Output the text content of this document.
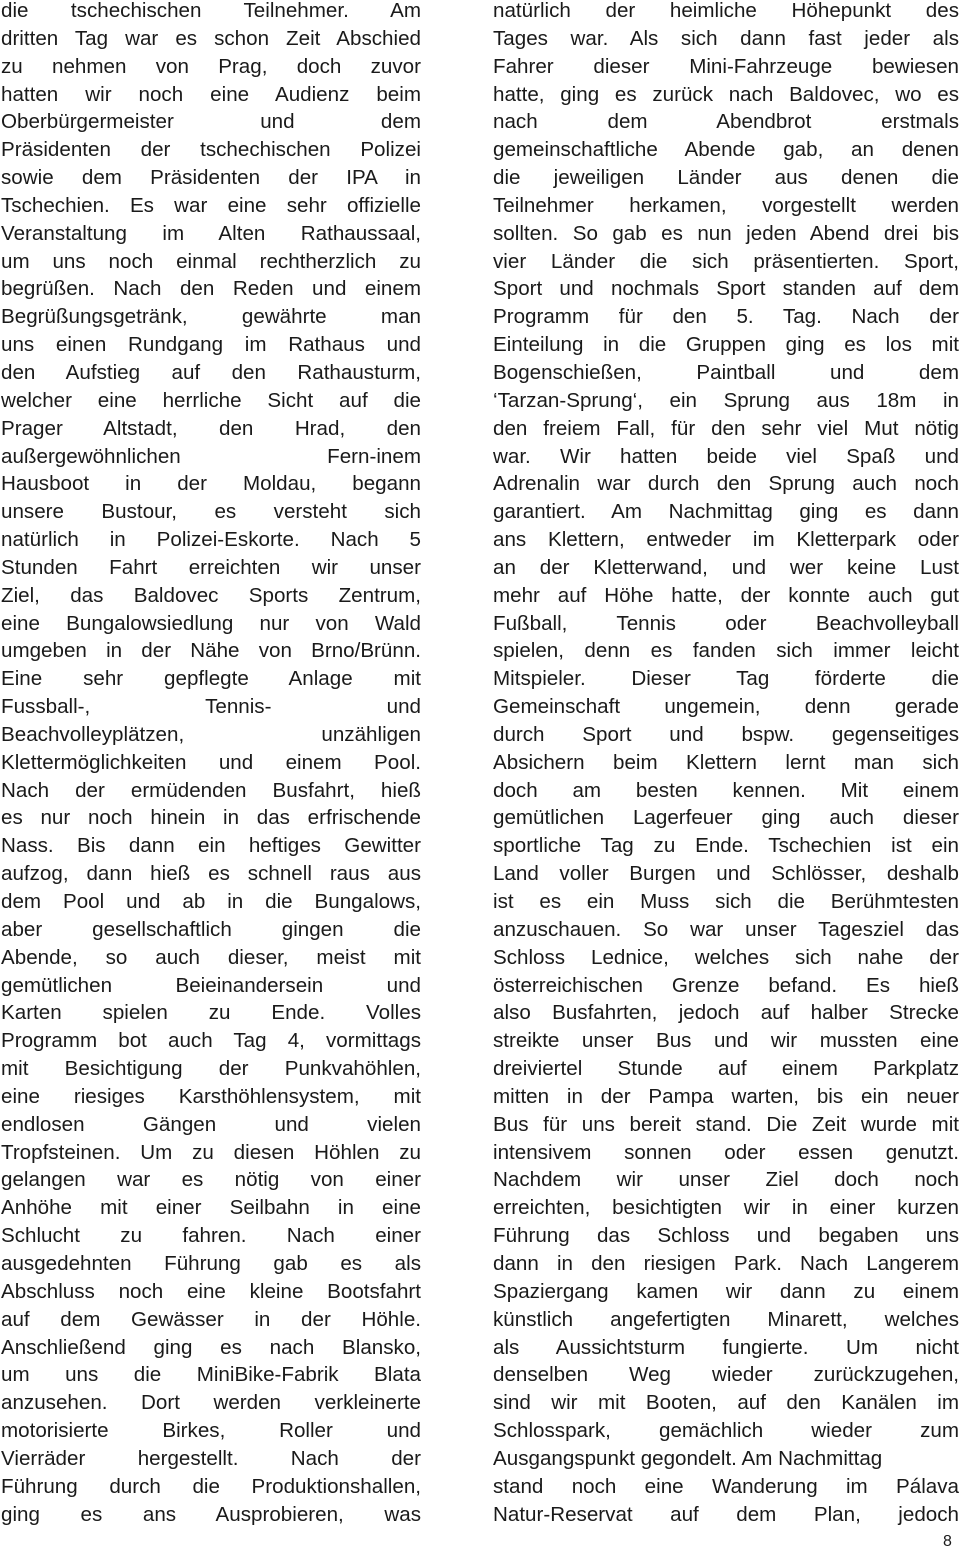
die tschechischen Teilnehmer. Am
dritten Tag war es schon Zeit Abschied
zu nehmen von Prag, doch zuvor
hatten wir noch eine Audienz beim
Oberbürgermeister und dem
Präsidenten der tschechischen Polizei
sowie dem Präsidenten der IPA in
Tschechien. Es war eine sehr offizielle
Veranstaltung im Alten Rathaussaal,
um uns noch einmal rechtherzlich zu
begrüßen. Nach den Reden und einem
Begrüßungsgetränk, gewährte man
uns einen Rundgang im Rathaus und
den Aufstieg auf den Rathausturm,
welcher eine herrliche Sicht auf die
Prager Altstadt, den Hrad, den
außergewöhnlichen Fern-inem
Hausboot in der Moldau, begann
unsere Bustour, es versteht sich
natürlich in Polizei-Eskorte. Nach 5
Stunden Fahrt erreichten wir unser
Ziel, das Baldovec Sports Zentrum,
eine Bungalowsiedlung nur von Wald
umgeben in der Nähe von Brno/Brünn.
Eine sehr gepflegte Anlage mit
Fussball-, Tennis- und
Beachvolleyplätzen, unzähligen
Klettermöglichkeiten und einem Pool.
Nach der ermüdenden Busfahrt, hieß
es nur noch hinein in das erfrischende
Nass. Bis dann ein heftiges Gewitter
aufzog, dann hieß es schnell raus aus
dem Pool und ab in die Bungalows,
aber gesellschaftlich gingen die
Abende, so auch dieser, meist mit
gemütlichen Beieinandersein und
Karten spielen zu Ende. Volles
Programm bot auch Tag 4, vormittags
mit Besichtigung der Punkvahöhlen,
eine riesiges Karsthöhlensystem, mit
endlosen Gängen und vielen
Tropfsteinen. Um zu diesen Höhlen zu
gelangen war es nötig von einer
Anhöhe mit einer Seilbahn in eine
Schlucht zu fahren. Nach einer
ausgedehnten Führung gab es als
Abschluss noch eine kleine Bootsfahrt
auf dem Gewässer in der Höhle.
Anschließend ging es nach Blansko,
um uns die MiniBike-Fabrik Blata
anzusehen. Dort werden verkleinerte
motorisierte Birkes, Roller und
Vierräder hergestellt. Nach der
Führung durch die Produktionshallen,
ging es ans Ausprobieren, was
natürlich der heimliche Höhepunkt des
Tages war. Als sich dann fast jeder als
Fahrer dieser Mini-Fahrzeuge bewiesen
hatte, ging es zurück nach Baldovec, wo es
nach dem Abendbrot erstmals
gemeinschaftliche Abende gab, an denen
die jeweiligen Länder aus denen die
Teilnehmer herkamen, vorgestellt werden
sollten. So gab es nun jeden Abend drei bis
vier Länder die sich präsentierten. Sport,
Sport und nochmals Sport standen auf dem
Programm für den 5. Tag. Nach der
Einteilung in die Gruppen ging es los mit
Bogenschießen, Paintball und dem
‘Tarzan-Sprung‘, ein Sprung aus 18m in
den freiem Fall, für den sehr viel Mut nötig
war. Wir hatten beide viel Spaß und
Adrenalin war durch den Sprung auch noch
garantiert. Am Nachmittag ging es dann
ans Klettern, entweder im Kletterpark oder
an der Kletterwand, und wer keine Lust
mehr auf Höhe hatte, der konnte auch gut
Fußball, Tennis oder Beachvolleyball
spielen, denn es fanden sich immer leicht
Mitspieler. Dieser Tag förderte die
Gemeinschaft ungemein, denn gerade
durch Sport und bspw. gegenseitiges
Absichern beim Klettern lernt man sich
doch am besten kennen. Mit einem
gemütlichen Lagerfeuer ging auch dieser
sportliche Tag zu Ende. Tschechien ist ein
Land voller Burgen und Schlösser, deshalb
ist es ein Muss sich die Berühmtesten
anzuschauen. So war unser Tagesziel das
Schloss Lednice, welches sich nahe der
österreichischen Grenze befand. Es hieß
also Busfahrten, jedoch auf halber Strecke
streikte unser Bus und wir mussten eine
dreiviertel Stunde auf einem Parkplatz
mitten in der Pampa warten, bis ein neuer
Bus für uns bereit stand. Die Zeit wurde mit
intensivem sonnen oder essen genutzt.
Nachdem wir unser Ziel doch noch
erreichten, besichtigten wir in einer kurzen
Führung das Schloss und begaben uns
dann in den riesigen Park. Nach Langerem
Spaziergang kamen wir dann zu einem
künstlich angefertigten Minarett, welches
als Aussichtsturm fungierte. Um nicht
denselben Weg wieder zurückzugehen,
sind wir mit Booten, auf den Kanälen im
Schlosspark, gemächlich wieder zum
Ausgangspunkt gegondelt. Am Nachmittag
stand noch eine Wanderung im Pálava
Natur-Reservat auf dem Plan, jedoch
8
